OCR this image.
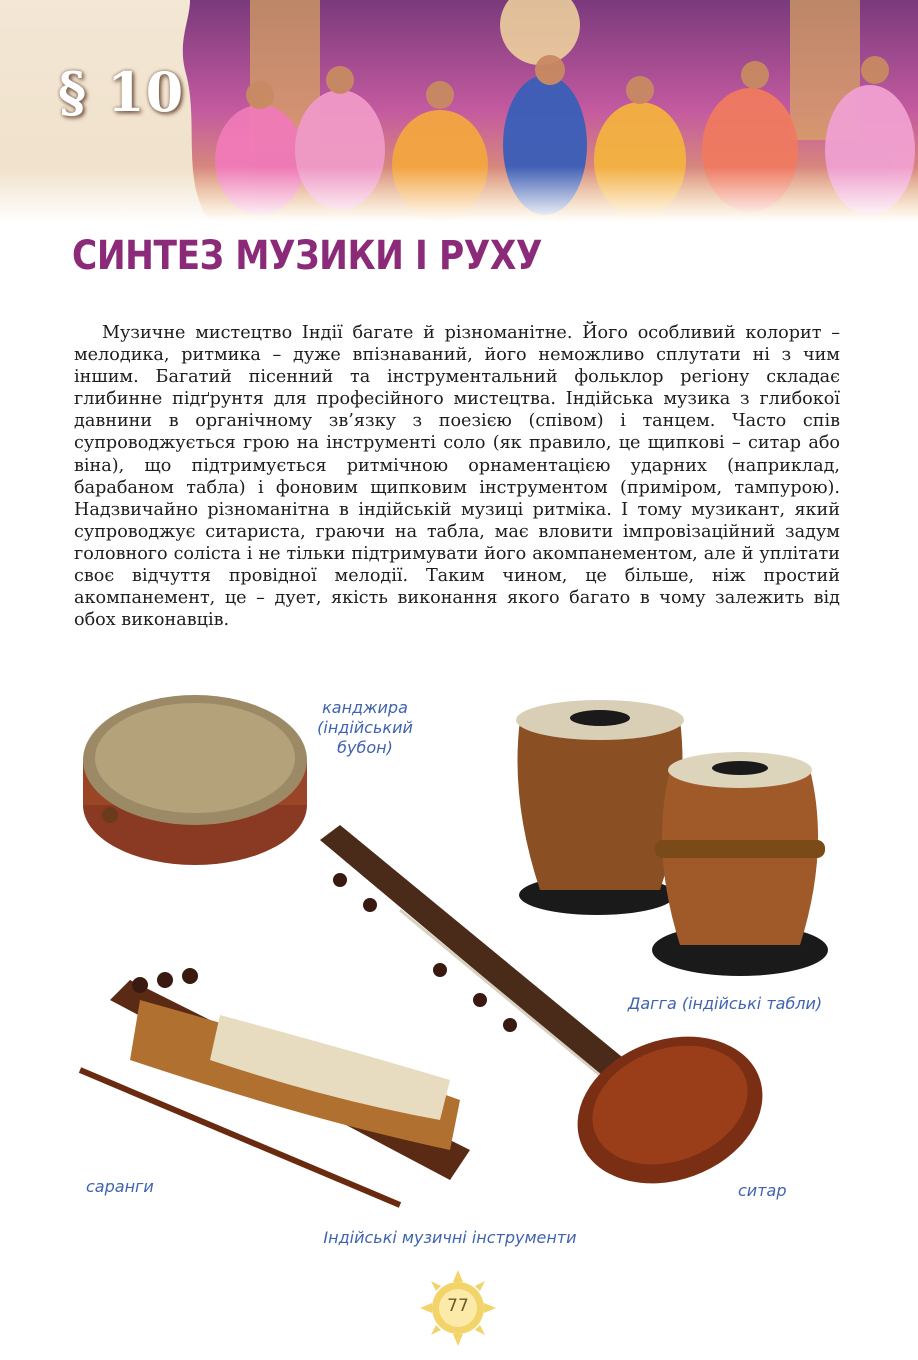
§ 10
СИНТЕЗ МУЗИКИ І РУХУ
Музичне мистецтво Індії багате й різноманітне. Його особливий колорит – мелодика, ритмика – дуже впізнаваний, його неможливо сплутати ні з чим іншим. Багатий пісенний та інструментальний фольклор регіону складає глибинне підґрунтя для професійного мистецтва. Індійська музика з глибокої давнини в органічному зв’язку з поезією (співом) і танцем. Часто спів супроводжується грою на інструменті соло (як правило, це щипкові – ситар або віна), що підтримується ритмічною орнаментацією ударних (наприклад, барабаном табла) і фоновим щипковим інструментом (приміром, тампурою). Надзвичайно різноманітна в індійській музиці ритміка. І тому музикант, який супроводжує ситариста, граючи на табла, має вловити імпровізаційний задум головного соліста і не тільки підтримувати його акомпанементом, але й уплітати своє відчуття провідної мелодії. Таким чином, це більше, ніж простий акомпанемент, це – дует, якість виконання якого багато в чому залежить від обох виконавців.
канджира (індійський бубон)
Дагга (індійські табли)
саранги	ситар
Індійські музичні інструменти
77
